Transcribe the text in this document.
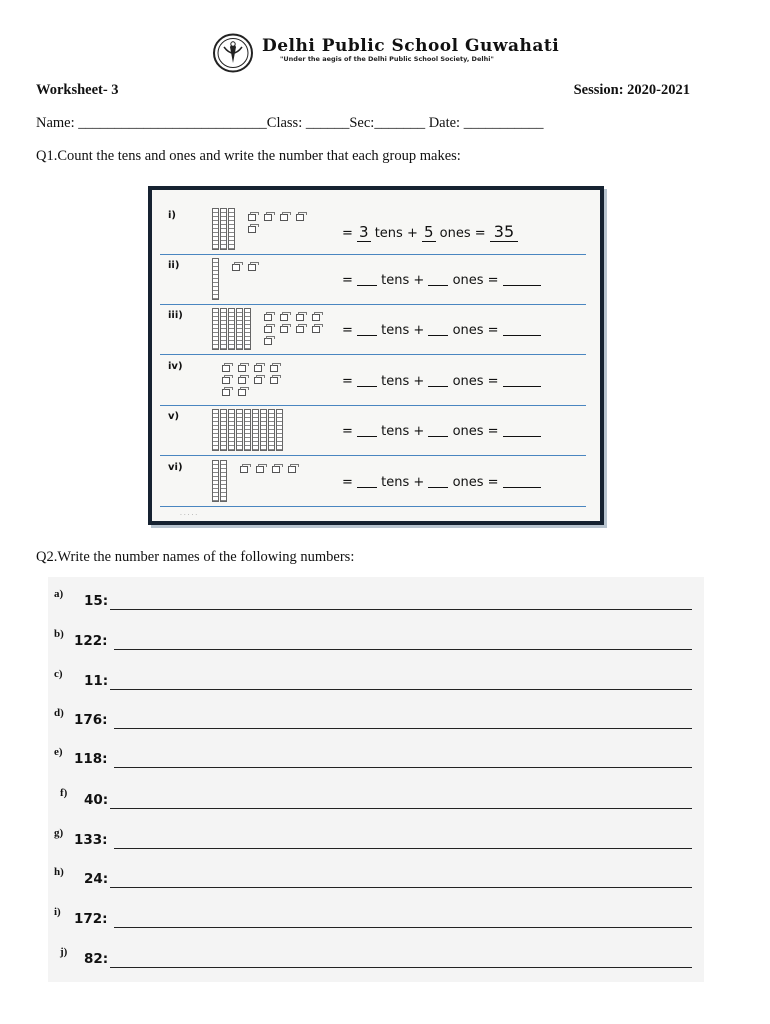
Delhi Public School Guwahati
"Under the aegis of the Delhi Public School Society, Delhi"
Worksheet- 3	Session: 2020-2021
Name: __________________________Class: ______Sec:_______ Date: ___________
Q1.Count the tens and ones and write the number that each group makes:
i)
= 3 tens + 5 ones = 35
ii)
=  tens +  ones =
iii)
=  tens +  ones =
iv)
=  tens +  ones =
v)
=  tens +  ones =
vi)
=  tens +  ones =
· · · · ·
Q2.Write the number names of the following numbers:
a) 15:
b) 122:
c) 11:
d) 176:
e) 118:
f) 40:
g) 133:
h) 24:
i) 172:
j) 82:
